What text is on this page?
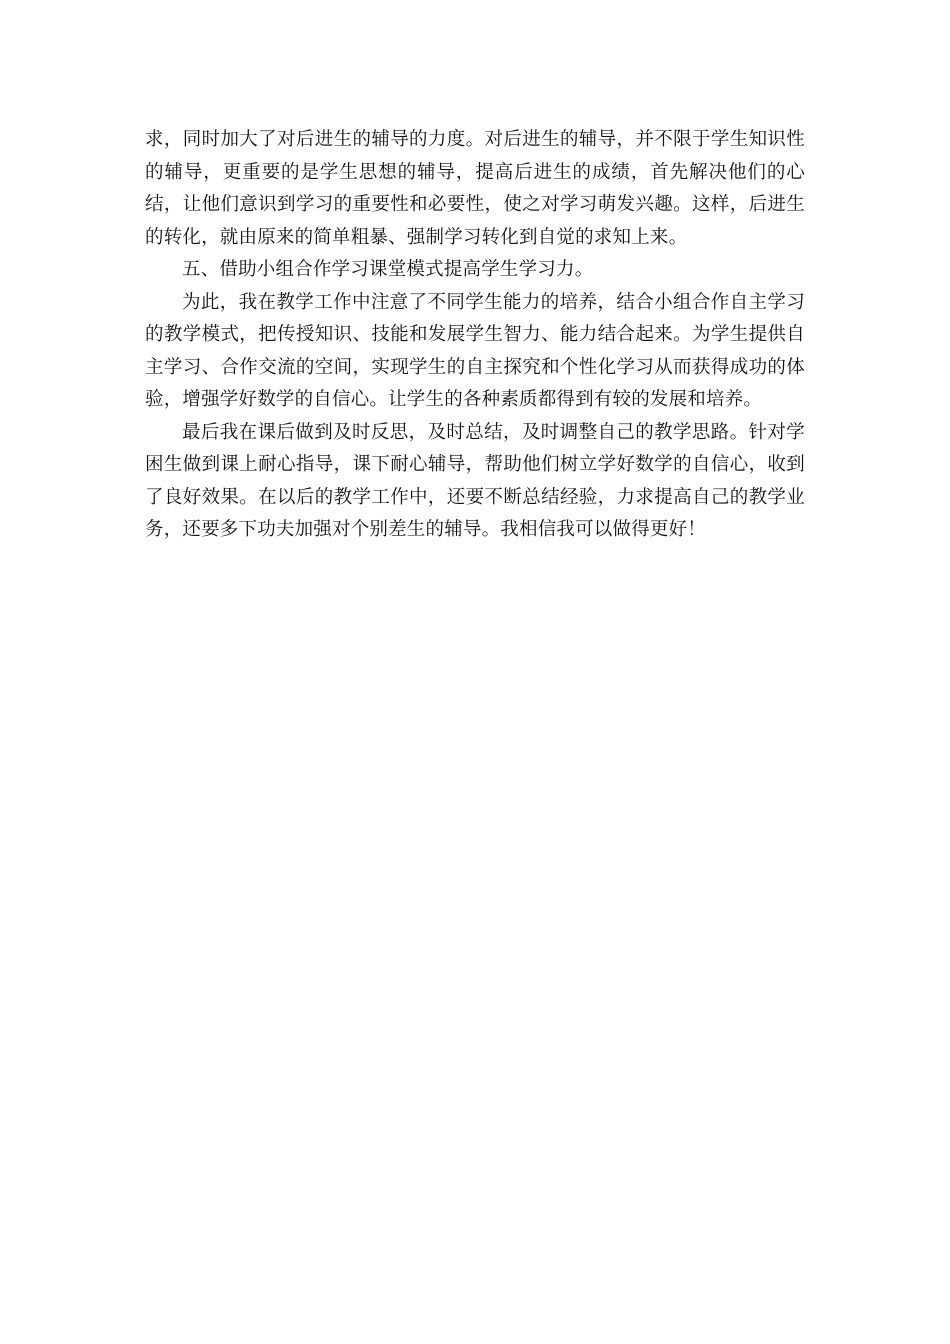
求，同时加大了对后进生的辅导的力度。对后进生的辅导，并不限于学生知识性的辅导，更重要的是学生思想的辅导，提高后进生的成绩，首先解决他们的心结，让他们意识到学习的重要性和必要性，使之对学习萌发兴趣。这样，后进生的转化，就由原来的简单粗暴、强制学习转化到自觉的求知上来。

五、借助小组合作学习课堂模式提高学生学习力。

为此，我在教学工作中注意了不同学生能力的培养，结合小组合作自主学习的教学模式，把传授知识、技能和发展学生智力、能力结合起来。为学生提供自主学习、合作交流的空间，实现学生的自主探究和个性化学习从而获得成功的体验，增强学好数学的自信心。让学生的各种素质都得到有较的发展和培养。

最后我在课后做到及时反思，及时总结，及时调整自己的教学思路。针对学困生做到课上耐心指导，课下耐心辅导，帮助他们树立学好数学的自信心，收到了良好效果。在以后的教学工作中，还要不断总结经验，力求提高自己的教学业务，还要多下功夫加强对个别差生的辅导。我相信我可以做得更好！
